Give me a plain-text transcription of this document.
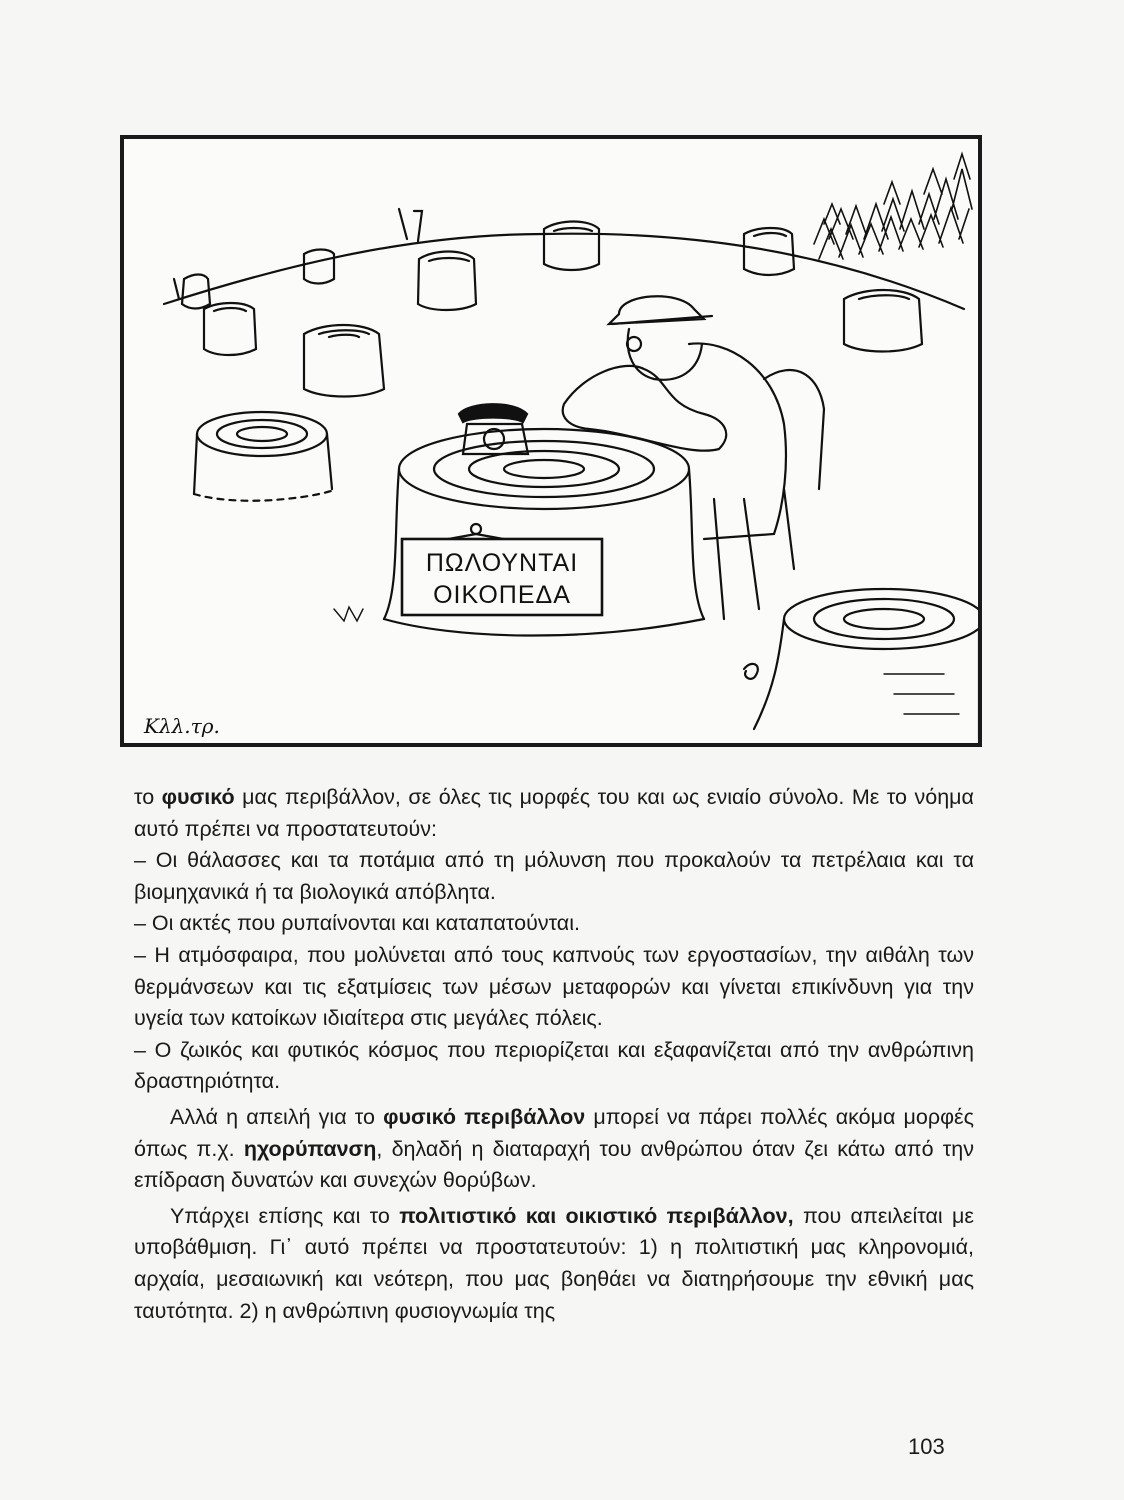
ΠΩΛΟΥΝΤΑΙ
ΟΙΚΟΠΕΔΑ
Κλλ.τρ.

το φυσικό μας περιβάλλον, σε όλες τις μορφές του και ως ενιαίο σύνολο. Με το νόημα αυτό πρέπει να προστατευτούν:

– Οι θάλασσες και τα ποτάμια από τη μόλυνση που προκαλούν τα πετρέλαια και τα βιομηχανικά ή τα βιολογικά απόβλητα.

– Οι ακτές που ρυπαίνονται και καταπατούνται.

– Η ατμόσφαιρα, που μολύνεται από τους καπνούς των εργοστασίων, την αιθάλη των θερμάνσεων και τις εξατμίσεις των μέσων μεταφορών και γίνεται επικίνδυνη για την υγεία των κατοίκων ιδιαίτερα στις μεγάλες πόλεις.

– Ο ζωικός και φυτικός κόσμος που περιορίζεται και εξαφανίζεται από την ανθρώπινη δραστηριότητα.

Αλλά η απειλή για το φυσικό περιβάλλον μπορεί να πάρει πολλές ακόμα μορφές όπως π.χ. ηχορύπανση, δηλαδή η διαταραχή του ανθρώπου όταν ζει κάτω από την επίδραση δυνατών και συνεχών θορύβων.

Υπάρχει επίσης και το πολιτιστικό και οικιστικό περιβάλλον, που απειλείται με υποβάθμιση. Γι᾽ αυτό πρέπει να προστατευτούν: 1) η πολιτιστική μας κληρονομιά, αρχαία, μεσαιωνική και νεότερη, που μας βοηθάει να διατηρήσουμε την εθνική μας ταυτότητα. 2) η ανθρώπινη φυσιογνωμία της

103
